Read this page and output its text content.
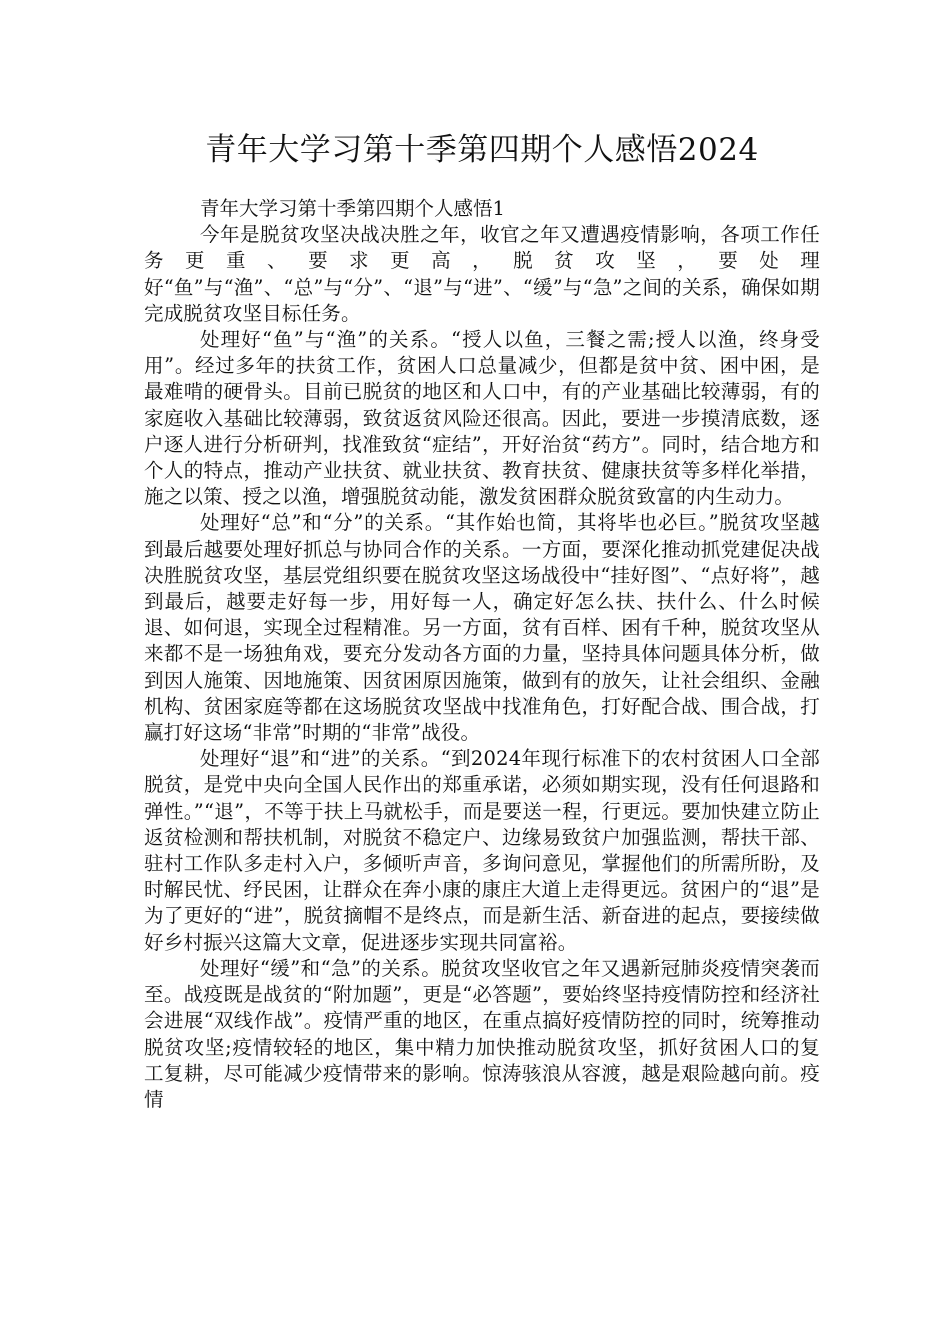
青年大学习第十季第四期个人感悟2024

青年大学习第十季第四期个人感悟1

今年是脱贫攻坚决战决胜之年，收官之年又遭遇疫情影响，各项工作任务更重、要求更高，脱贫攻坚，要处理好“鱼”与“渔”、“总”与“分”、“退”与“进”、“缓”与“急”之间的关系，确保如期完成脱贫攻坚目标任务。

处理好“鱼”与“渔”的关系。“授人以鱼，三餐之需;授人以渔，终身受用”。经过多年的扶贫工作，贫困人口总量减少，但都是贫中贫、困中困，是最难啃的硬骨头。目前已脱贫的地区和人口中，有的产业基础比较薄弱，有的家庭收入基础比较薄弱，致贫返贫风险还很高。因此，要进一步摸清底数，逐户逐人进行分析研判，找准致贫“症结”，开好治贫“药方”。同时，结合地方和个人的特点，推动产业扶贫、就业扶贫、教育扶贫、健康扶贫等多样化举措，施之以策、授之以渔，增强脱贫动能，激发贫困群众脱贫致富的内生动力。

处理好“总”和“分”的关系。“其作始也简，其将毕也必巨。”脱贫攻坚越到最后越要处理好抓总与协同合作的关系。一方面，要深化推动抓党建促决战决胜脱贫攻坚，基层党组织要在脱贫攻坚这场战役中“挂好图”、“点好将”，越到最后，越要走好每一步，用好每一人，确定好怎么扶、扶什么、什么时候退、如何退，实现全过程精准。另一方面，贫有百样、困有千种，脱贫攻坚从来都不是一场独角戏，要充分发动各方面的力量，坚持具体问题具体分析，做到因人施策、因地施策、因贫困原因施策，做到有的放矢，让社会组织、金融机构、贫困家庭等都在这场脱贫攻坚战中找准角色，打好配合战、围合战，打赢打好这场“非常”时期的“非常”战役。

处理好“退”和“进”的关系。“到2024年现行标准下的农村贫困人口全部脱贫，是党中央向全国人民作出的郑重承诺，必须如期实现，没有任何退路和弹性。”“退”，不等于扶上马就松手，而是要送一程，行更远。要加快建立防止返贫检测和帮扶机制，对脱贫不稳定户、边缘易致贫户加强监测，帮扶干部、驻村工作队多走村入户，多倾听声音，多询问意见，掌握他们的所需所盼，及时解民忧、纾民困，让群众在奔小康的康庄大道上走得更远。贫困户的“退”是为了更好的“进”，脱贫摘帽不是终点，而是新生活、新奋进的起点，要接续做好乡村振兴这篇大文章，促进逐步实现共同富裕。

处理好“缓”和“急”的关系。脱贫攻坚收官之年又遇新冠肺炎疫情突袭而至。战疫既是战贫的“附加题”，更是“必答题”，要始终坚持疫情防控和经济社会进展“双线作战”。疫情严重的地区，在重点搞好疫情防控的同时，统筹推动脱贫攻坚;疫情较轻的地区，集中精力加快推动脱贫攻坚，抓好贫困人口的复工复耕，尽可能减少疫情带来的影响。惊涛骇浪从容渡，越是艰险越向前。疫情
